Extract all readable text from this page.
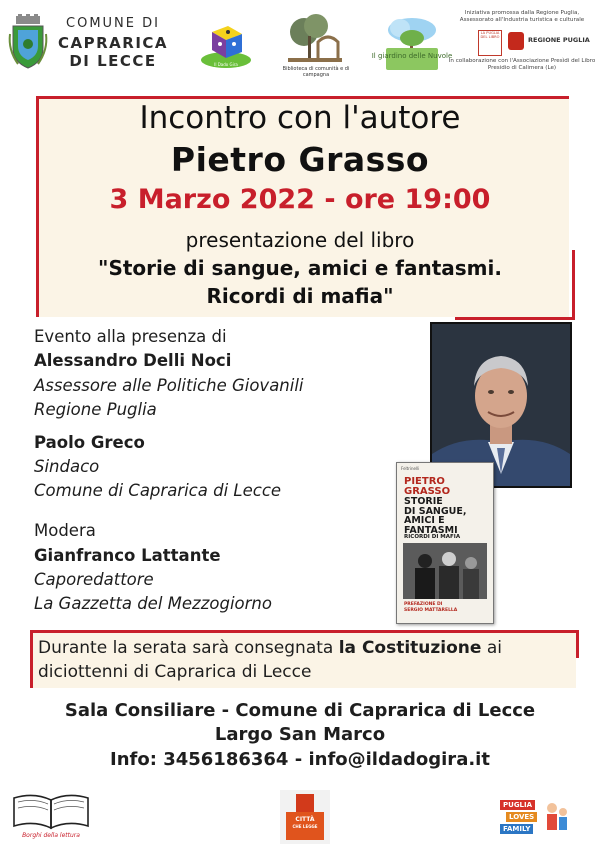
COMUNE DI
CAPRARICA
DI LECCE	Il Dado Gira
Biblioteca di comunità e di campagna
Il giardino delle Nuvole
Iniziativa promossa dalla Regione Puglia,
Assessorato all'Industria turistica e culturale
LA PUGLIA DEL LIBRO	REGIONE PUGLIA
In collaborazione con l'Associazione Presìdi del Libro
Presidio di Calimera (Le)
Incontro con l'autore
Pietro Grasso
3 Marzo 2022 - ore 19:00
presentazione del libro
"Storie di sangue, amici e fantasmi.
Ricordi di mafia"
Evento alla presenza di
Alessandro Delli Noci
Assessore alle Politiche Giovanili
Regione Puglia
Paolo Greco
Sindaco
Comune di Caprarica di Lecce
Modera
Gianfranco Lattante
Caporedattore
La Gazzetta del Mezzogiorno
Feltrinelli
PIETRO
GRASSO
STORIE
DI SANGUE,
AMICI E
FANTASMI
RICORDI DI MAFIA
PREFAZIONE DI
SERGIO MATTARELLA
Durante la serata sarà consegnata la Costituzione ai
diciottenni di Caprarica di Lecce
Sala Consiliare - Comune di Caprarica di Lecce
Largo San Marco
Info: 3456186364 - info@ildadogira.it
Borghi della lettura
CITTÀ
CHE LEGGE
PUGLIA
LOVES
FAMILY
